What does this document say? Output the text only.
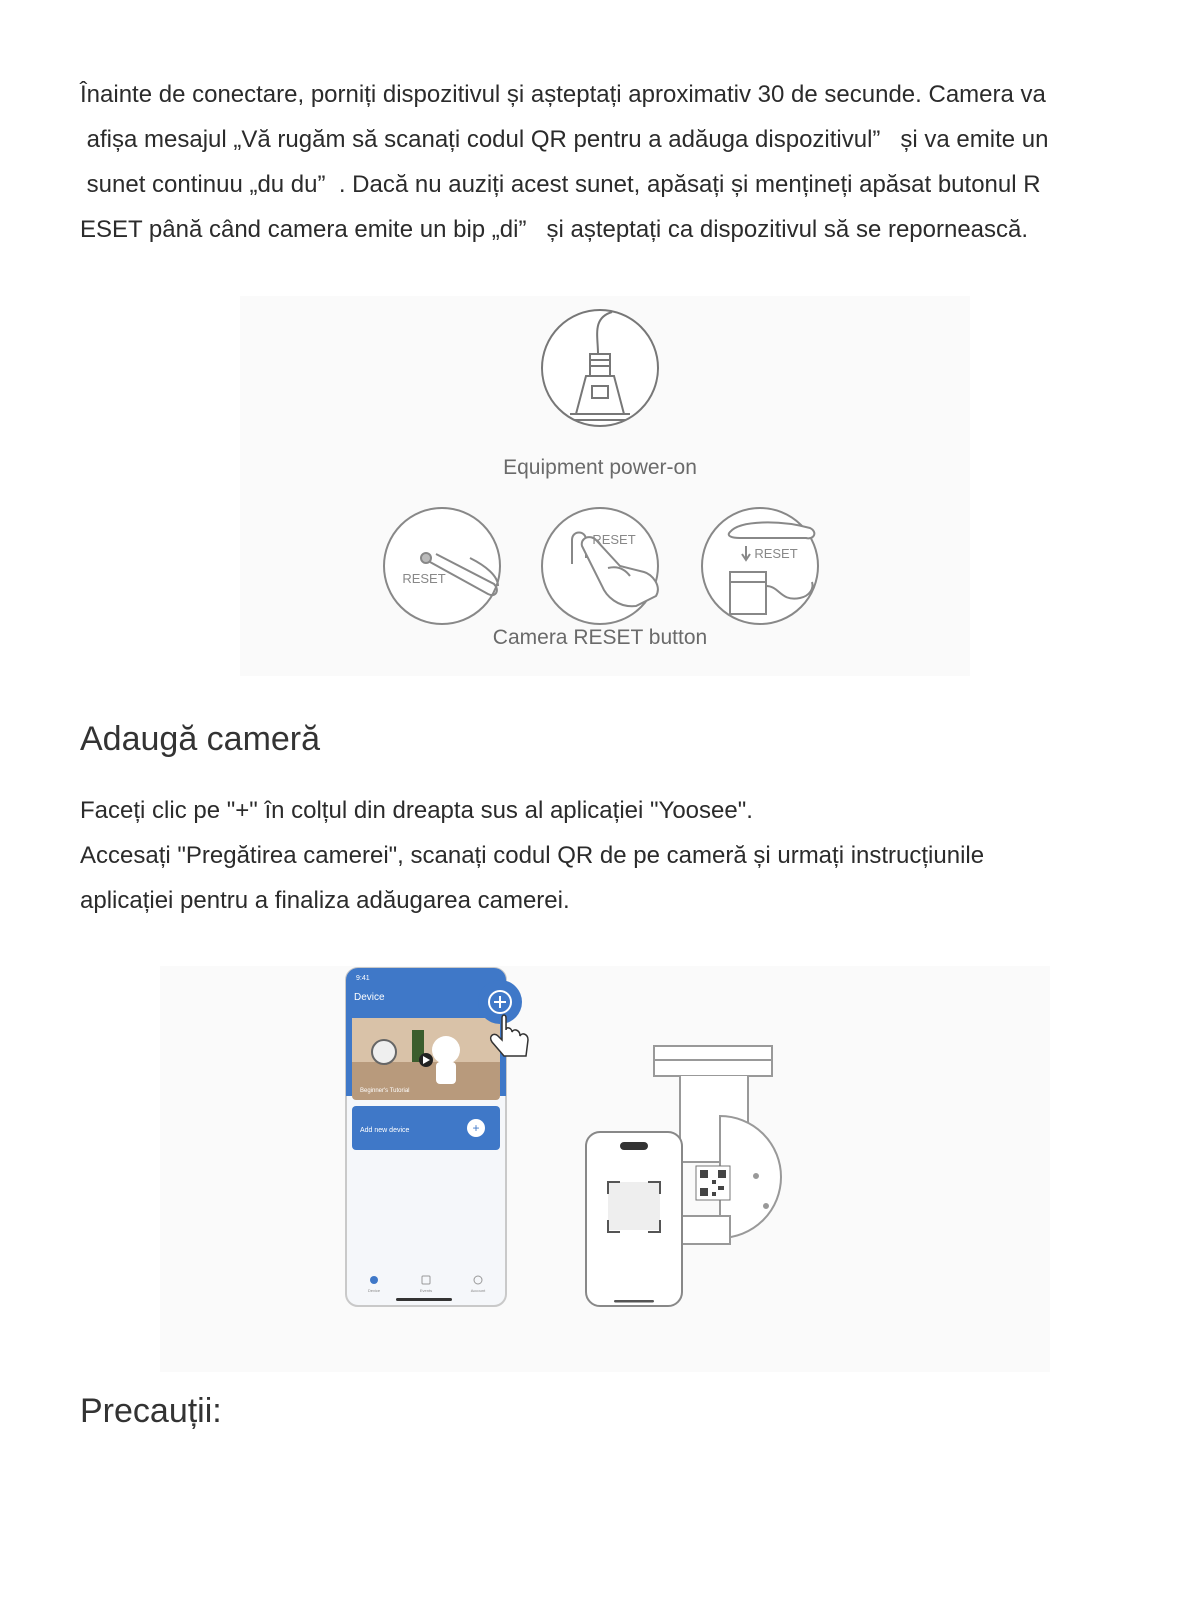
Înainte de conectare, porniți dispozitivul și așteptați aproximativ 30 de secunde. Camera va
afișa mesajul „Vă rugăm să scanați codul QR pentru a adăuga dispozitivul”   și va emite un
sunet continuu „du du”  . Dacă nu auziți acest sunet, apăsați și mențineți apăsat butonul R
ESET până când camera emite un bip „di”   și așteptați ca dispozitivul să se repornească.

Equipment power-on
RESET
RESET
RESET
Camera RESET button
Adaugă cameră

Faceți clic pe "+" în colțul din dreapta sus al aplicației "Yoosee".
Accesați "Pregătirea camerei", scanați codul QR de pe cameră și urmați instrucțiunile
aplicației pentru a finaliza adăugarea camerei.

9:41
Device
Beginner's Tutorial
Add new device	+
Device	Events	Account
Precauții:
